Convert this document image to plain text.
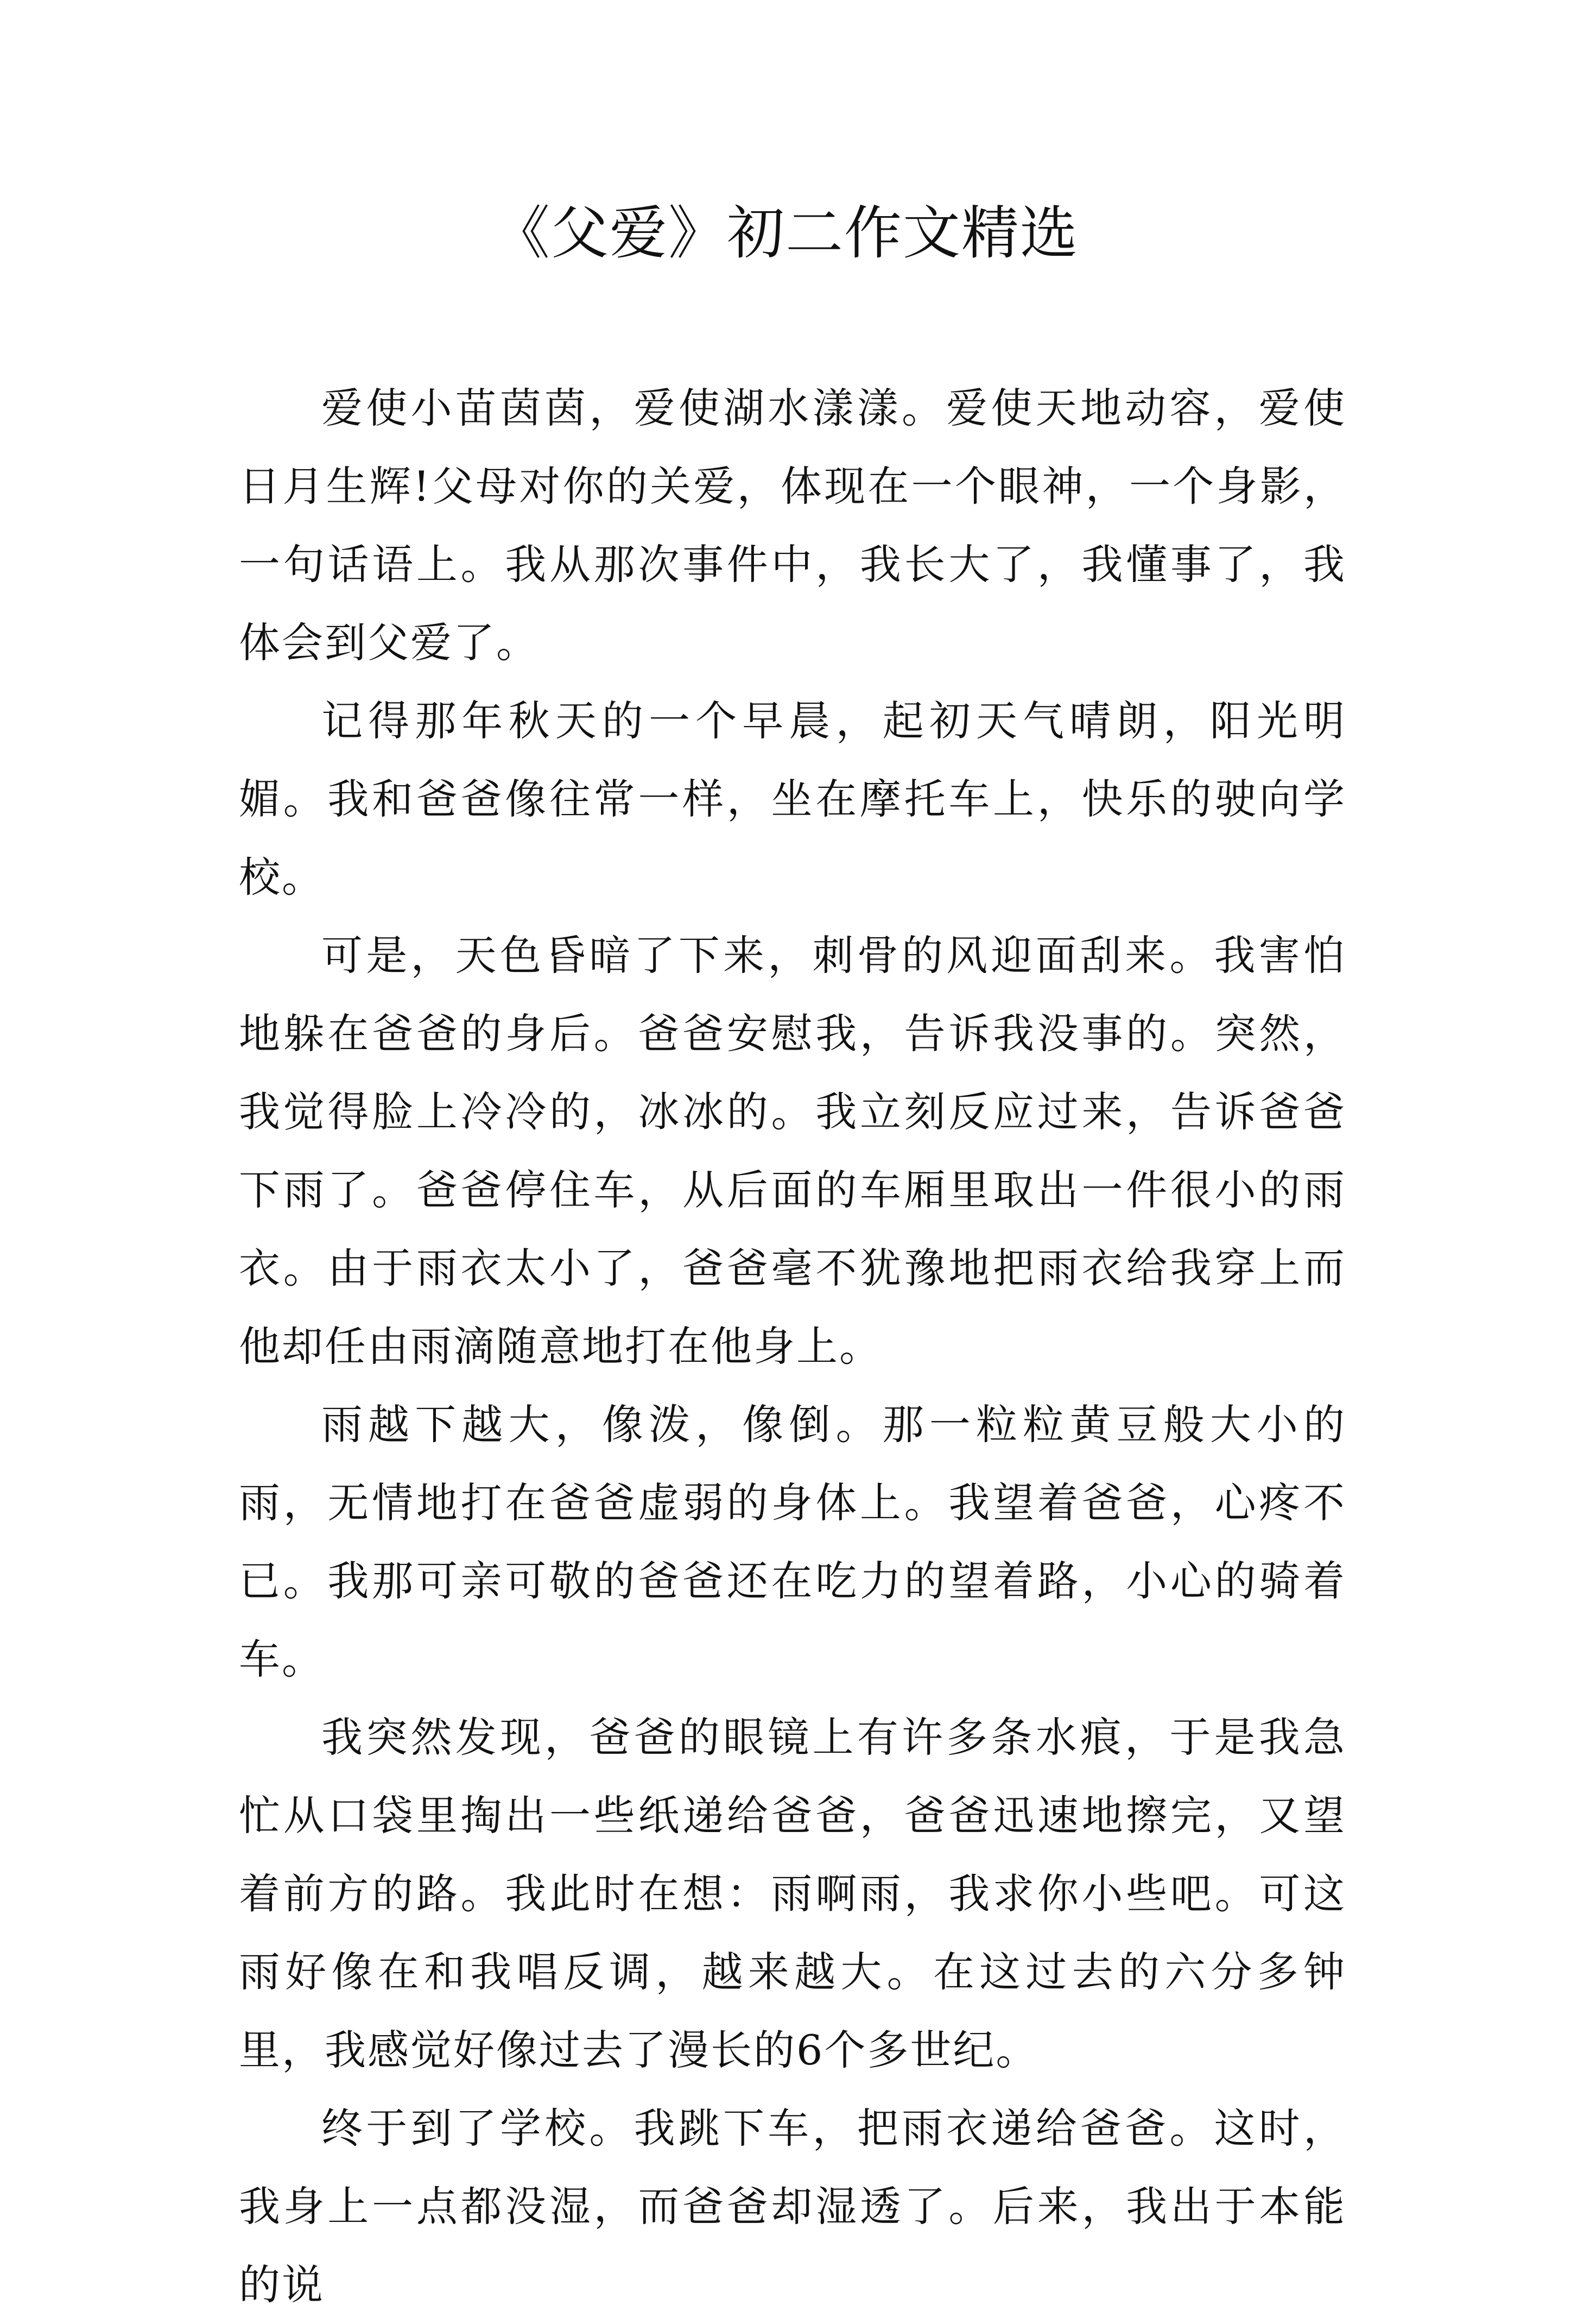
《父爱》初二作文精选

爱使小苗茵茵，爱使湖水漾漾。爱使天地动容，爱使日月生辉!父母对你的关爱，体现在一个眼神，一个身影，一句话语上。我从那次事件中，我长大了，我懂事了，我体会到父爱了。

记得那年秋天的一个早晨，起初天气晴朗，阳光明媚。我和爸爸像往常一样，坐在摩托车上，快乐的驶向学校。

可是，天色昏暗了下来，刺骨的风迎面刮来。我害怕地躲在爸爸的身后。爸爸安慰我，告诉我没事的。突然，我觉得脸上冷冷的，冰冰的。我立刻反应过来，告诉爸爸下雨了。爸爸停住车，从后面的车厢里取出一件很小的雨衣。由于雨衣太小了，爸爸毫不犹豫地把雨衣给我穿上而他却任由雨滴随意地打在他身上。

雨越下越大，像泼，像倒。那一粒粒黄豆般大小的雨，无情地打在爸爸虚弱的身体上。我望着爸爸，心疼不已。我那可亲可敬的爸爸还在吃力的望着路，小心的骑着车。

我突然发现，爸爸的眼镜上有许多条水痕，于是我急忙从口袋里掏出一些纸递给爸爸，爸爸迅速地擦完，又望着前方的路。我此时在想：雨啊雨，我求你小些吧。可这雨好像在和我唱反调，越来越大。在这过去的六分多钟里，我感觉好像过去了漫长的6个多世纪。

终于到了学校。我跳下车，把雨衣递给爸爸。这时，我身上一点都没湿，而爸爸却湿透了。后来，我出于本能的说
